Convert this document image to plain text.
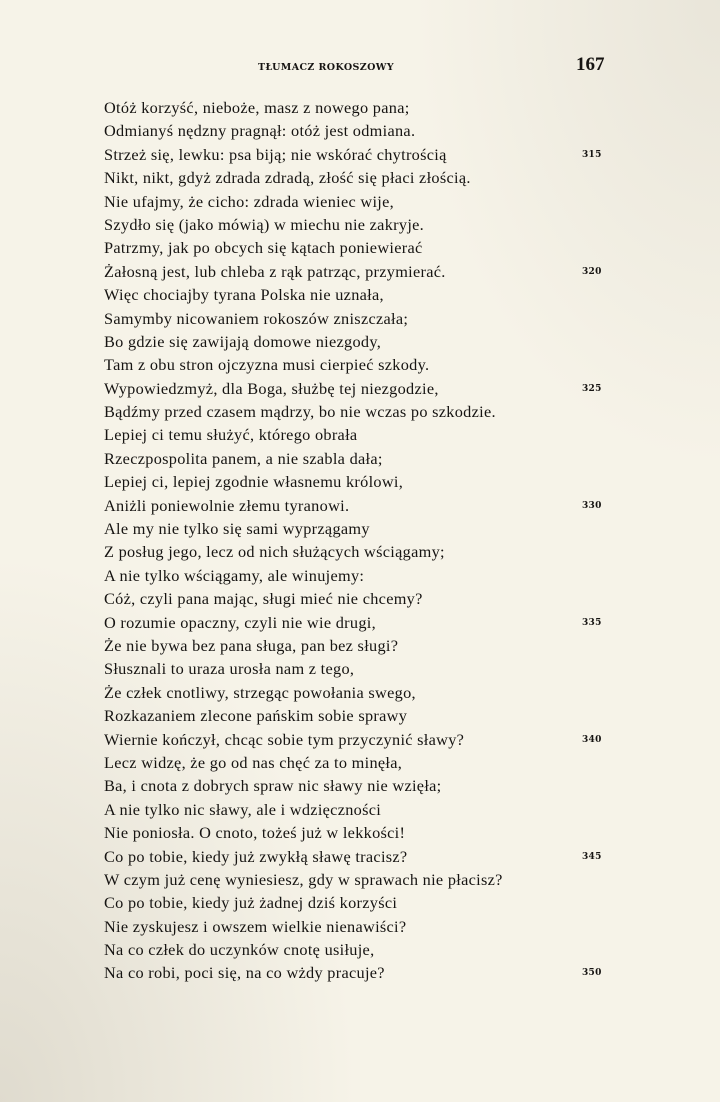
TŁUMACZ ROKOSZOWY	167
Otóż korzyść, nieboże, masz z nowego pana;
Odmianyś nędzny pragnął: otóż jest odmiana.
Strzeż się, lewku: psa biją; nie wskórać chytrością	315
Nikt, nikt, gdyż zdrada zdradą, złość się płaci złością.
Nie ufajmy, że cicho: zdrada wieniec wije,
Szydło się (jako mówią) w miechu nie zakryje.
Patrzmy, jak po obcych się kątach poniewierać
Żałosną jest, lub chleba z rąk patrząc, przymierać.	320
Więc chociajby tyrana Polska nie uznała,
Samymby nicowaniem rokoszów zniszczała;
Bo gdzie się zawijają domowe niezgody,
Tam z obu stron ojczyzna musi cierpieć szkody.
Wypowiedzmyż, dla Boga, służbę tej niezgodzie,	325
Bądźmy przed czasem mądrzy, bo nie wczas po szkodzie.
Lepiej ci temu służyć, którego obrała
Rzeczpospolita panem, a nie szabla dała;
Lepiej ci, lepiej zgodnie własnemu królowi,
Aniżli poniewolnie złemu tyranowi.	330
Ale my nie tylko się sami wyprzągamy
Z posług jego, lecz od nich służących wściągamy;
A nie tylko wściągamy, ale winujemy:
Cóż, czyli pana mając, sługi mieć nie chcemy?
O rozumie opaczny, czyli nie wie drugi,	335
Że nie bywa bez pana sługa, pan bez sługi?
Słusznali to uraza urosła nam z tego,
Że człek cnotliwy, strzegąc powołania swego,
Rozkazaniem zlecone pańskim sobie sprawy
Wiernie kończył, chcąc sobie tym przyczynić sławy?	340
Lecz widzę, że go od nas chęć za to minęła,
Ba, i cnota z dobrych spraw nic sławy nie wzięła;
A nie tylko nic sławy, ale i wdzięczności
Nie poniosła. O cnoto, tożeś już w lekkości!
Co po tobie, kiedy już zwykłą sławę tracisz?	345
W czym już cenę wyniesiesz, gdy w sprawach nie płacisz?
Co po tobie, kiedy już żadnej dziś korzyści
Nie zyskujesz i owszem wielkie nienawiści?
Na co człek do uczynków cnotę usiłuje,
Na co robi, poci się, na co wżdy pracuje?	350
